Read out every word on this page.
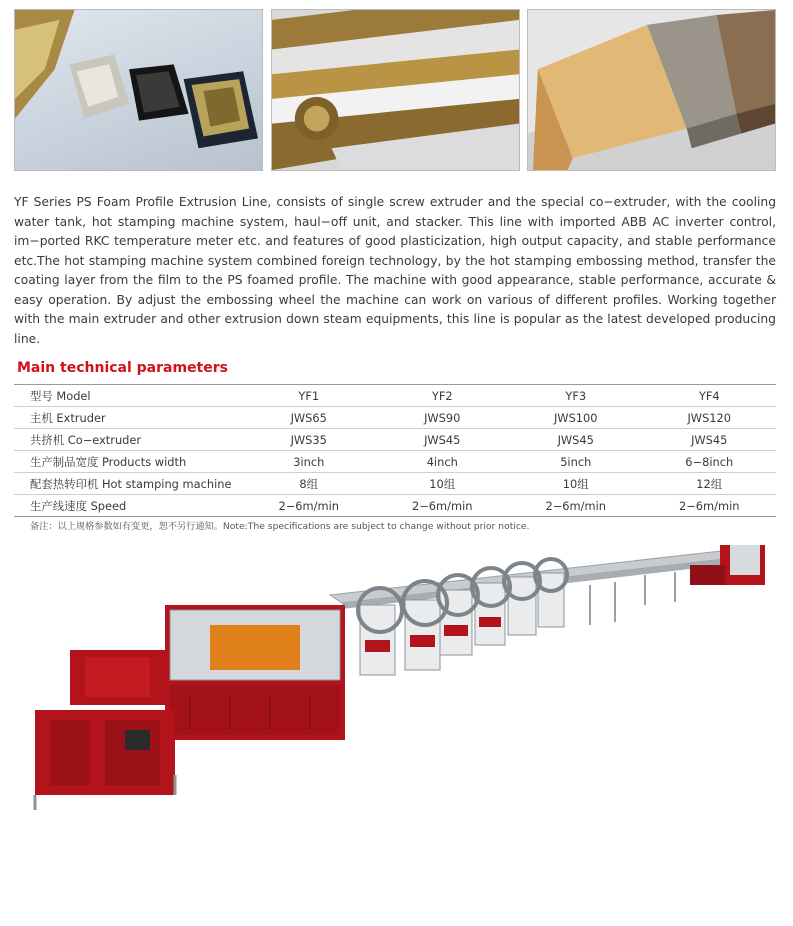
YF Series PS Foam Profile Extrusion Line, consists of single screw extruder and the special co−extruder, with the cooling water tank, hot stamping machine system, haul−off unit, and stacker. This line with imported ABB AC inverter control, im−ported RKC temperature meter etc. and features of good plasticization, high output capacity, and stable performance etc.The hot stamping machine system combined foreign technology, by the hot stamping embossing method, transfer the coating layer from the film to the PS foamed profile. The machine with good appearance, stable performance, accurate & easy operation. By adjust the embossing wheel the machine can work on various of different profiles. Working together with the main extruder and other extrusion down steam equipments, this line is popular as the latest developed producing line.

Main technical parameters
型号 Model	YF1	YF2	YF3	YF4
主机 Extruder	JWS65	JWS90	JWS100	JWS120
共挤机 Co−extruder	JWS35	JWS45	JWS45	JWS45
生产制品宽度 Products width	3inch	4inch	5inch	6−8inch
配套热转印机 Hot stamping machine	8组	10组	10组	12组
生产线速度 Speed	2−6m/min	2−6m/min	2−6m/min	2−6m/min

备注：以上规格参数如有变更，恕不另行通知。Note:The specifications are subject to change without prior notice.
